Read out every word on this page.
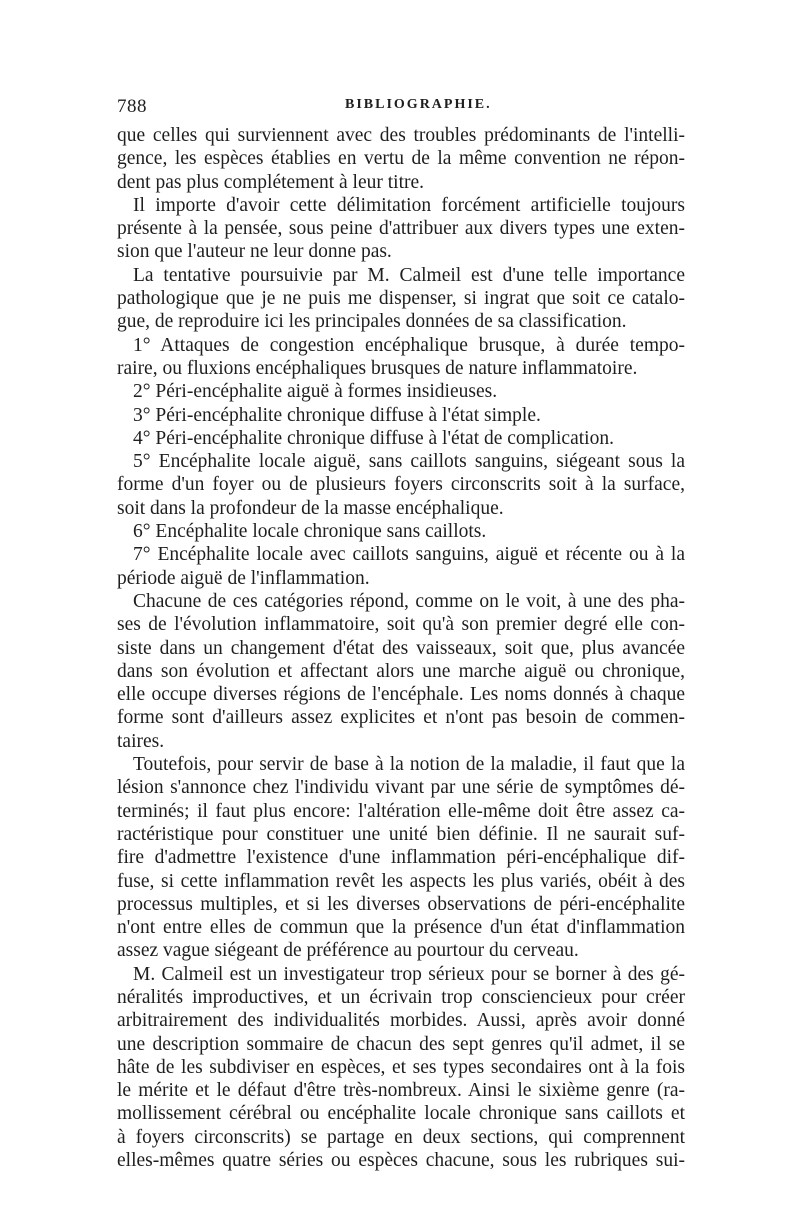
788	BIBLIOGRAPHIE.
que celles qui surviennent avec des troubles prédominants de l'intelli-
gence, les espèces établies en vertu de la même convention ne répon-
dent pas plus complétement à leur titre.
Il importe d'avoir cette délimitation forcément artificielle toujours
présente à la pensée, sous peine d'attribuer aux divers types une exten-
sion que l'auteur ne leur donne pas.
La tentative poursuivie par M. Calmeil est d'une telle importance
pathologique que je ne puis me dispenser, si ingrat que soit ce catalo-
gue, de reproduire ici les principales données de sa classification.
1° Attaques de congestion encéphalique brusque, à durée tempo-
raire, ou fluxions encéphaliques brusques de nature inflammatoire.
2° Péri-encéphalite aiguë à formes insidieuses.
3° Péri-encéphalite chronique diffuse à l'état simple.
4° Péri-encéphalite chronique diffuse à l'état de complication.
5° Encéphalite locale aiguë, sans caillots sanguins, siégeant sous la
forme d'un foyer ou de plusieurs foyers circonscrits soit à la surface,
soit dans la profondeur de la masse encéphalique.
6° Encéphalite locale chronique sans caillots.
7° Encéphalite locale avec caillots sanguins, aiguë et récente ou à la
période aiguë de l'inflammation.
Chacune de ces catégories répond, comme on le voit, à une des pha-
ses de l'évolution inflammatoire, soit qu'à son premier degré elle con-
siste dans un changement d'état des vaisseaux, soit que, plus avancée
dans son évolution et affectant alors une marche aiguë ou chronique,
elle occupe diverses régions de l'encéphale. Les noms donnés à chaque
forme sont d'ailleurs assez explicites et n'ont pas besoin de commen-
taires.
Toutefois, pour servir de base à la notion de la maladie, il faut que la
lésion s'annonce chez l'individu vivant par une série de symptômes dé-
terminés; il faut plus encore: l'altération elle-même doit être assez ca-
ractéristique pour constituer une unité bien définie. Il ne saurait suf-
fire d'admettre l'existence d'une inflammation péri-encéphalique dif-
fuse, si cette inflammation revêt les aspects les plus variés, obéit à des
processus multiples, et si les diverses observations de péri-encéphalite
n'ont entre elles de commun que la présence d'un état d'inflammation
assez vague siégeant de préférence au pourtour du cerveau.
M. Calmeil est un investigateur trop sérieux pour se borner à des gé-
néralités improductives, et un écrivain trop consciencieux pour créer
arbitrairement des individualités morbides. Aussi, après avoir donné
une description sommaire de chacun des sept genres qu'il admet, il se
hâte de les subdiviser en espèces, et ses types secondaires ont à la fois
le mérite et le défaut d'être très-nombreux. Ainsi le sixième genre (ra-
mollissement cérébral ou encéphalite locale chronique sans caillots et
à foyers circonscrits) se partage en deux sections, qui comprennent
elles-mêmes quatre séries ou espèces chacune, sous les rubriques sui-
